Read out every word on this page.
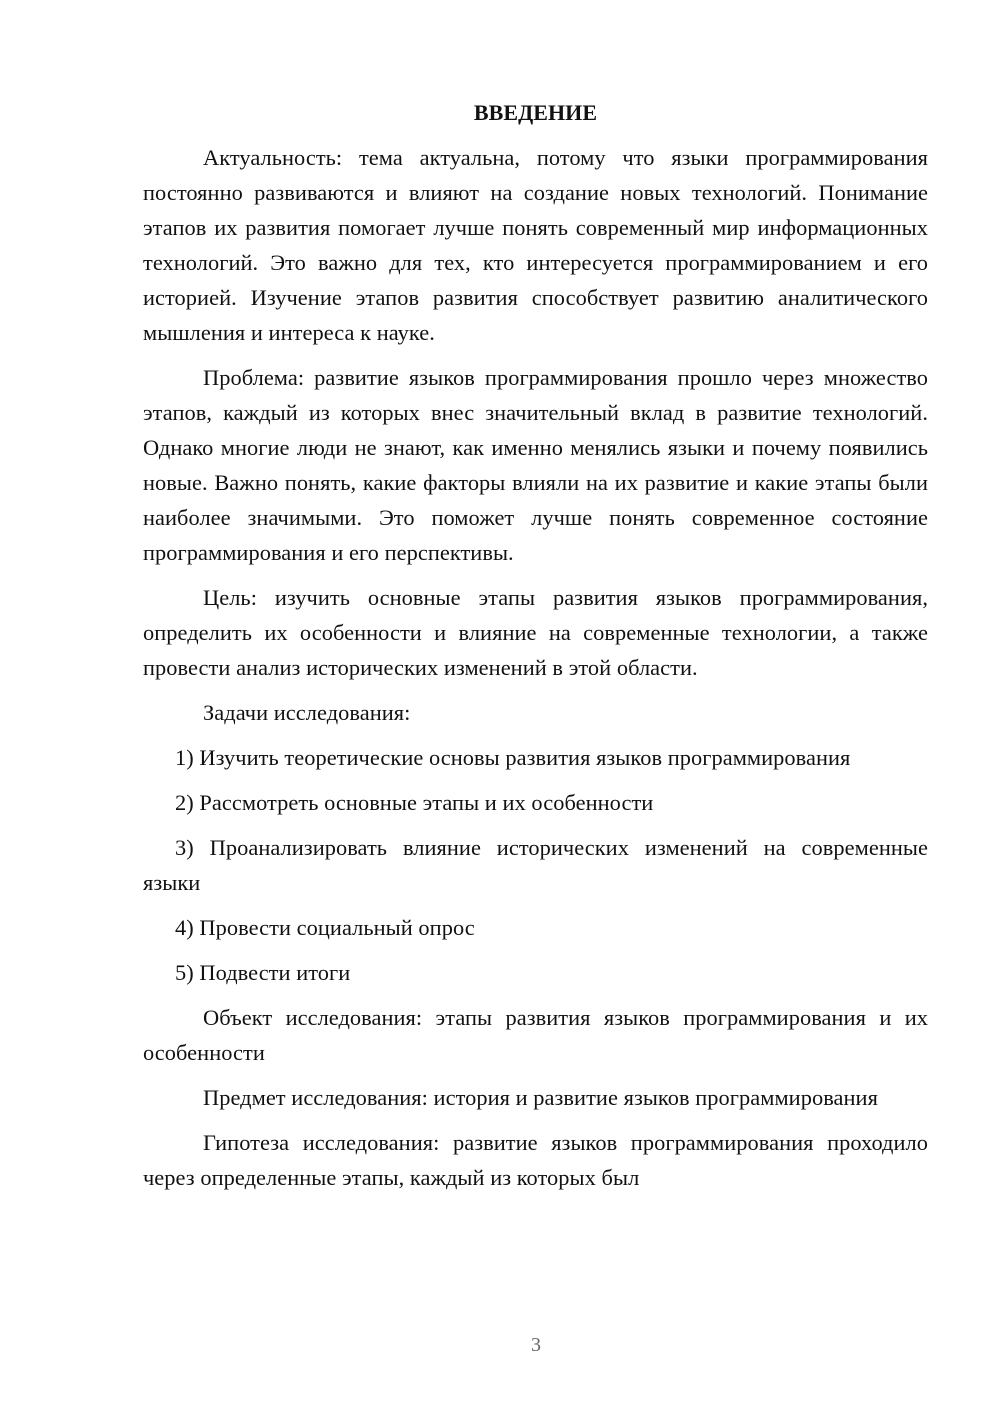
ВВЕДЕНИЕ

Актуальность: тема актуальна, потому что языки программирования постоянно развиваются и влияют на создание новых технологий. Понимание этапов их развития помогает лучше понять современный мир информационных технологий. Это важно для тех, кто интересуется программированием и его историей. Изучение этапов развития способствует развитию аналитического мышления и интереса к науке.

Проблема: развитие языков программирования прошло через множество этапов, каждый из которых внес значительный вклад в развитие технологий. Однако многие люди не знают, как именно менялись языки и почему появились новые. Важно понять, какие факторы влияли на их развитие и какие этапы были наиболее значимыми. Это поможет лучше понять современное состояние программирования и его перспективы.

Цель: изучить основные этапы развития языков программирования, определить их особенности и влияние на современные технологии, а также провести анализ исторических изменений в этой области.

Задачи исследования:

1) Изучить теоретические основы развития языков программирования

2) Рассмотреть основные этапы и их особенности

3) Проанализировать влияние исторических изменений на современные языки

4) Провести социальный опрос

5) Подвести итоги

Объект исследования: этапы развития языков программирования и их особенности

Предмет исследования: история и развитие языков программирования

Гипотеза исследования: развитие языков программирования проходило через определенные этапы, каждый из которых был

3
